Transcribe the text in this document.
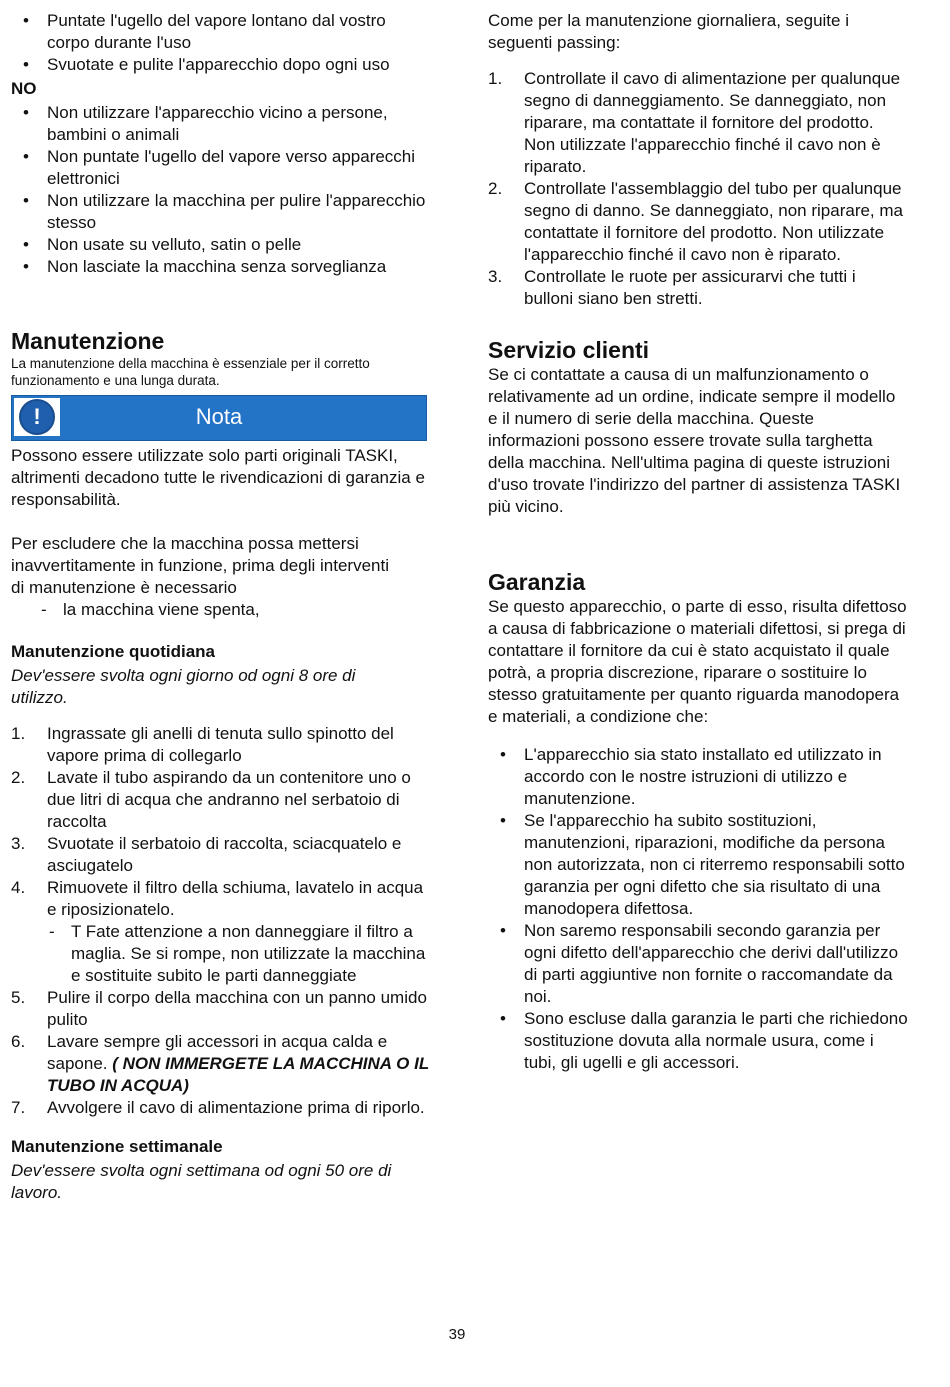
• Puntate l'ugello del vapore lontano dal vostro corpo durante l'uso
• Svuotate e pulite l'apparecchio dopo ogni uso
NO
• Non utilizzare l'apparecchio vicino a persone, bambini o animali
• Non puntate l'ugello del vapore verso apparecchi elettronici
• Non utilizzare la macchina per pulire l'apparecchio stesso
• Non usate su velluto, satin o pelle
• Non lasciate la macchina senza sorveglianza
Manutenzione
La manutenzione della macchina è essenziale per il corretto funzionamento e una lunga durata.
!	Nota
Possono essere utilizzate solo parti originali TASKI, altrimenti decadono tutte le rivendicazioni di garanzia e responsabilità.
Per escludere che la macchina possa mettersi inavvertitamente in funzione, prima degli interventi di manutenzione è necessario
- la macchina viene spenta,
Manutenzione quotidiana
Dev'essere svolta ogni giorno od ogni 8 ore di utilizzo.
1. Ingrassate gli anelli di tenuta sullo spinotto del vapore prima di collegarlo
2. Lavate il tubo aspirando da un contenitore uno o due litri di acqua che andranno nel serbatoio di raccolta
3. Svuotate il serbatoio di raccolta, sciacquatelo e asciugatelo
4. Rimuovete il filtro della schiuma, lavatelo in acqua e riposizionatelo.
- T Fate attenzione a non danneggiare il filtro a maglia. Se si rompe, non utilizzate la macchina e sostituite subito le parti danneggiate
5. Pulire il corpo della macchina con un panno umido pulito
6. Lavare sempre gli accessori in acqua calda e sapone. ( NON IMMERGETE LA MACCHINA O IL TUBO IN ACQUA)
7. Avvolgere il cavo di alimentazione prima di riporlo.
Manutenzione settimanale
Dev'essere svolta ogni settimana od ogni 50 ore di lavoro.
Come per la manutenzione giornaliera, seguite i seguenti passing:
1. Controllate il cavo di alimentazione per qualunque segno di danneggiamento. Se danneggiato, non riparare, ma contattate il fornitore del prodotto. Non utilizzate l'apparecchio finché il cavo non è riparato.
2. Controllate l'assemblaggio del tubo per qualunque segno di danno. Se danneggiato, non riparare, ma contattate il fornitore del prodotto. Non utilizzate l'apparecchio finché il cavo non è riparato.
3. Controllate le ruote per assicurarvi che tutti i bulloni siano ben stretti.
Servizio clienti
Se ci contattate a causa di un malfunzionamento o relativamente ad un ordine, indicate sempre il modello e il numero di serie della macchina. Queste informazioni possono essere trovate sulla targhetta della macchina. Nell'ultima pagina di queste istruzioni d'uso trovate l'indirizzo del partner di assistenza TASKI più vicino.
Garanzia
Se questo apparecchio, o parte di esso, risulta difettoso a causa di fabbricazione o materiali difettosi, si prega di contattare il fornitore da cui è stato acquistato il quale potrà, a propria discrezione, riparare o sostituire lo stesso gratuitamente per quanto riguarda manodopera e materiali, a condizione che:
• L'apparecchio sia stato installato ed utilizzato in accordo con le nostre istruzioni di utilizzo e manutenzione.
• Se l'apparecchio ha subito sostituzioni, manutenzioni, riparazioni, modifiche da persona non autorizzata, non ci riterremo responsabili sotto garanzia per ogni difetto che sia risultato di una manodopera difettosa.
• Non saremo responsabili secondo garanzia per ogni difetto dell'apparecchio che derivi dall'utilizzo di parti aggiuntive non fornite o raccomandate da noi.
• Sono escluse dalla garanzia le parti che richiedono sostituzione dovuta alla normale usura, come i tubi, gli ugelli e gli accessori.
39
